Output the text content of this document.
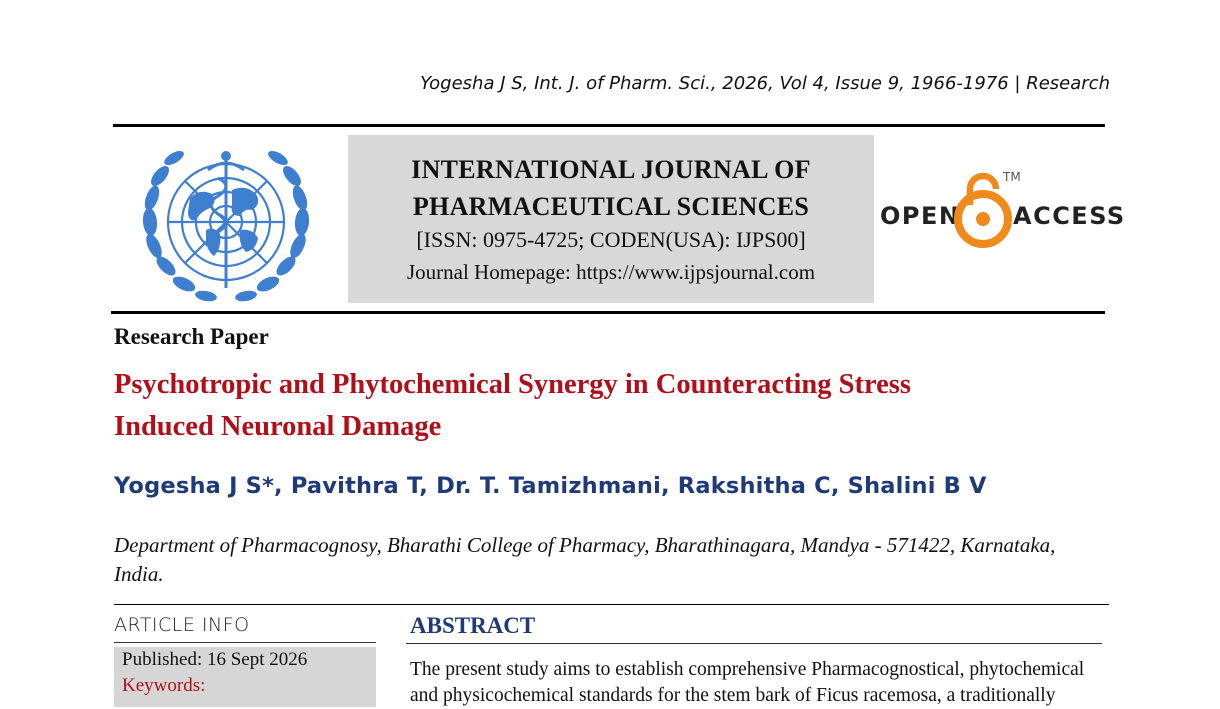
Yogesha J S, Int. J. of Pharm. Sci., 2026, Vol 4, Issue 9, 1966-1976 | Research
INTERNATIONAL JOURNAL OF
PHARMACEUTICAL SCIENCES
[ISSN: 0975-4725; CODEN(USA): IJPS00]
Journal Homepage: https://www.ijpsjournal.com
OPEN ACCESS
TM
Research Paper
Psychotropic and Phytochemical Synergy in Counteracting Stress
Induced Neuronal Damage
Yogesha J S*, Pavithra T, Dr. T. Tamizhmani, Rakshitha C, Shalini B V
Department of Pharmacognosy, Bharathi College of Pharmacy, Bharathinagara, Mandya - 571422, Karnataka,
India.
ARTICLE INFO
Published: 16 Sept 2026
Keywords:
ABSTRACT
The present study aims to establish comprehensive Pharmacognostical, phytochemical
and physicochemical standards for the stem bark of Ficus racemosa, a traditionally
